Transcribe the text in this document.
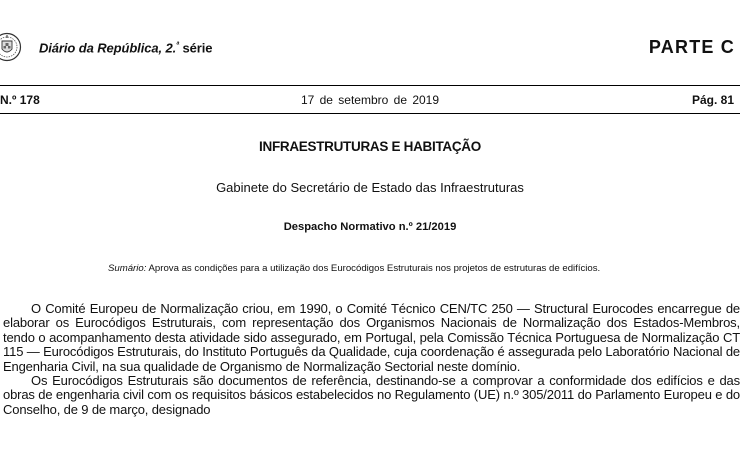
Diário da República, 2.$^ª$ série	PARTE C
N.º 178	17 de setembro de 2019	Pág. 81
INFRAESTRUTURAS E HABITAÇÃO
Gabinete do Secretário de Estado das Infraestruturas
Despacho Normativo n.º 21/2019
Sumário: Aprova as condições para a utilização dos Eurocódigos Estruturais nos projetos de estruturas de edifícios.

O Comité Europeu de Normalização criou, em 1990, o Comité Técnico CEN/TC 250 — Structural Eurocodes encarregue de elaborar os Eurocódigos Estruturais, com representação dos Organismos Nacionais de Normalização dos Estados-Membros, tendo o acompanhamento desta atividade sido assegurado, em Portugal, pela Comissão Técnica Portuguesa de Normalização CT 115 — Eurocódigos Estruturais, do Instituto Português da Qualidade, cuja coordenação é assegurada pelo Laboratório Nacional de Engenharia Civil, na sua qualidade de Organismo de Normalização Sectorial neste domínio.

Os Eurocódigos Estruturais são documentos de referência, destinando-se a comprovar a conformidade dos edifícios e das obras de engenharia civil com os requisitos básicos estabelecidos no Regulamento (UE) n.º 305/2011 do Parlamento Europeu e do Conselho, de 9 de março, designado
